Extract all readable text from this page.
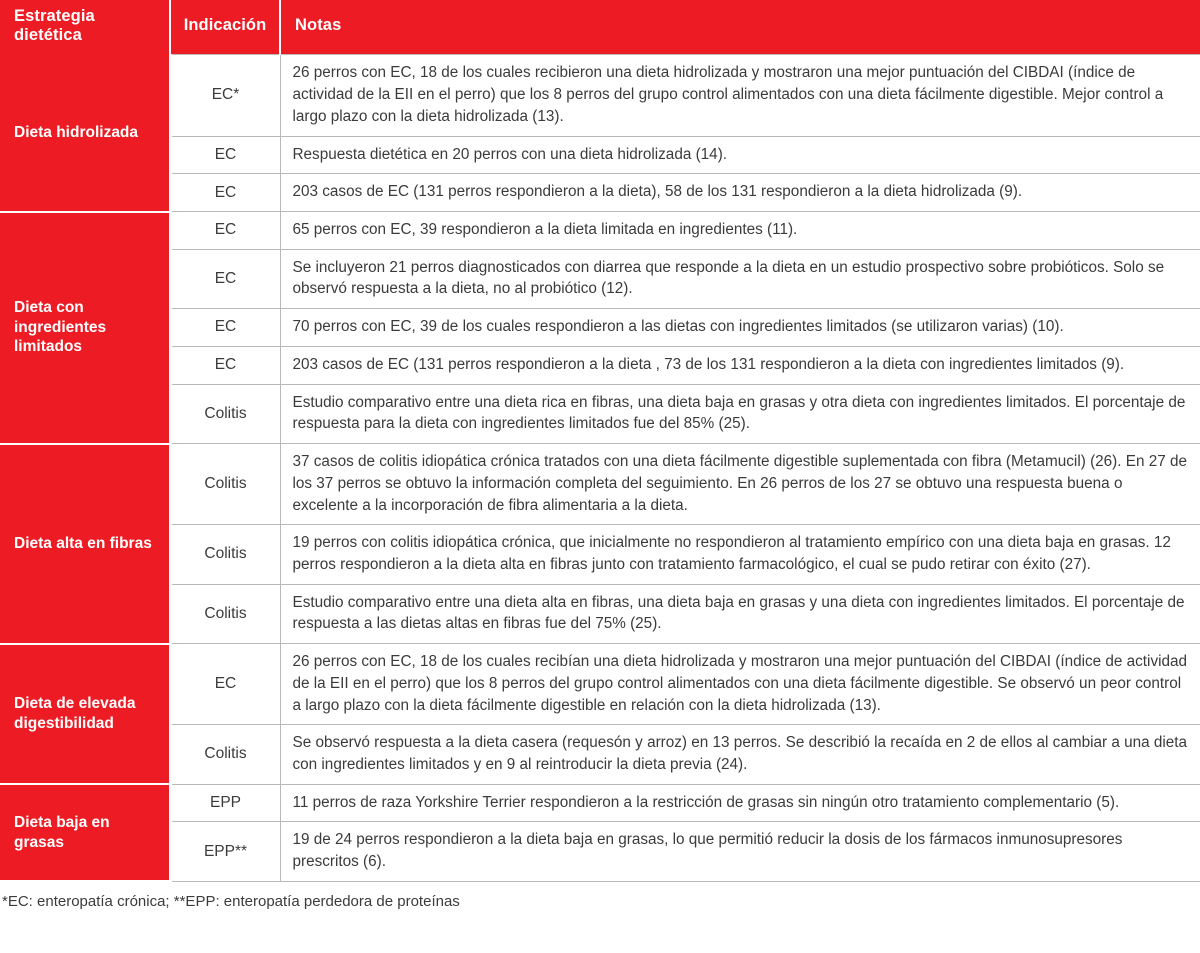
Estrategia dietética	Indicación	Notas
Dieta hidrolizada	EC*	26 perros con EC, 18 de los cuales recibieron una dieta hidrolizada y mostraron una mejor puntuación del CIBDAI (índice de actividad de la EII en el perro) que los 8 perros del grupo control alimentados con una dieta fácilmente digestible. Mejor control a largo plazo con la dieta hidrolizada (13).
	EC	Respuesta dietética en 20 perros con una dieta hidrolizada (14).
	EC	203 casos de EC (131 perros respondieron a la dieta), 58 de los 131 respondieron a la dieta hidrolizada (9).
Dieta con ingredientes limitados	EC	65 perros con EC, 39 respondieron a la dieta limitada en ingredientes (11).
	EC	Se incluyeron 21 perros diagnosticados con diarrea que responde a la dieta en un estudio prospectivo sobre probióticos. Solo se observó respuesta a la dieta, no al probiótico (12).
	EC	70 perros con EC, 39 de los cuales respondieron a las dietas con ingredientes limitados (se utilizaron varias) (10).
	EC	203 casos de EC (131 perros respondieron a la dieta , 73 de los 131 respondieron a la dieta con ingredientes limitados (9).
	Colitis	Estudio comparativo entre una dieta rica en fibras, una dieta baja en grasas y otra dieta con ingredientes limitados. El porcentaje de respuesta para la dieta con ingredientes limitados fue del 85% (25).
Dieta alta en fibras	Colitis	37 casos de colitis idiopática crónica tratados con una dieta fácilmente digestible suplementada con fibra (Metamucil) (26). En 27 de los 37 perros se obtuvo la información completa del seguimiento. En 26 perros de los 27 se obtuvo una respuesta buena o excelente a la incorporación de fibra alimentaria a la dieta.
	Colitis	19 perros con colitis idiopática crónica, que inicialmente no respondieron al tratamiento empírico con una dieta baja en grasas. 12 perros respondieron a la dieta alta en fibras junto con tratamiento farmacológico, el cual se pudo retirar con éxito (27).
	Colitis	Estudio comparativo entre una dieta alta en fibras, una dieta baja en grasas y una dieta con ingredientes limitados. El porcentaje de respuesta a las dietas altas en fibras fue del 75% (25).
Dieta de elevada digestibilidad	EC	26 perros con EC, 18 de los cuales recibían una dieta hidrolizada y mostraron una mejor puntuación del CIBDAI (índice de actividad de la EII en el perro) que los 8 perros del grupo control alimentados con una dieta fácilmente digestible. Se observó un peor control a largo plazo con la dieta fácilmente digestible en relación con la dieta hidrolizada (13).
	Colitis	Se observó respuesta a la dieta casera (requesón y arroz) en 13 perros. Se describió la recaída en 2 de ellos al cambiar a una dieta con ingredientes limitados y en 9 al reintroducir la dieta previa (24).
Dieta baja en grasas	EPP	11 perros de raza Yorkshire Terrier respondieron a la restricción de grasas sin ningún otro tratamiento complementario (5).
	EPP**	19 de 24 perros respondieron a la dieta baja en grasas, lo que permitió reducir la dosis de los fármacos inmunosupresores prescritos (6).
*EC: enteropatía crónica; **EPP: enteropatía perdedora de proteínas
